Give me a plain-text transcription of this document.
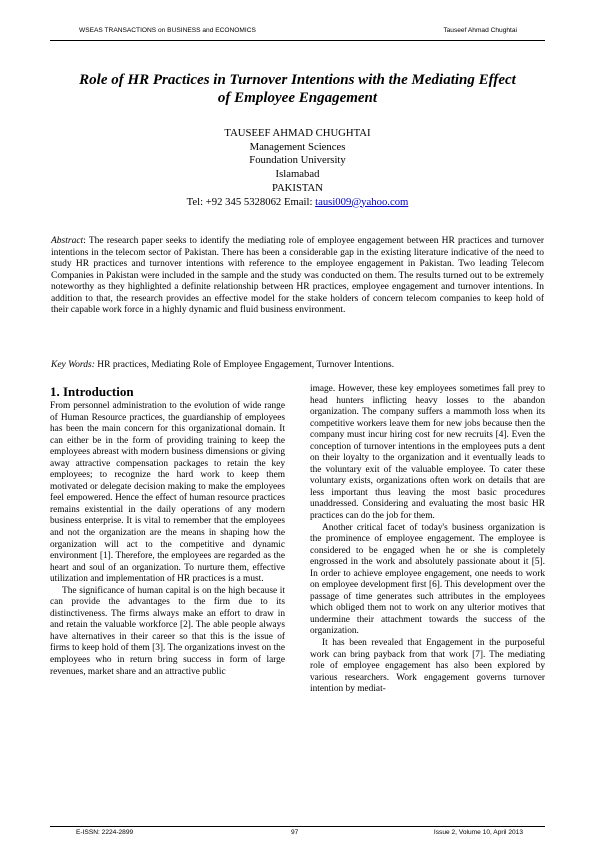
WSEAS TRANSACTIONS on BUSINESS and ECONOMICS	Tauseef Ahmad Chughtai
Role of HR Practices in Turnover Intentions with the Mediating Effect
of Employee Engagement
TAUSEEF AHMAD CHUGHTAI
Management Sciences
Foundation University
Islamabad
PAKISTAN
Tel: +92 345 5328062 Email: tausi009@yahoo.com
Abstract: The research paper seeks to identify the mediating role of employee engagement between HR practices and turnover intentions in the telecom sector of Pakistan. There has been a considerable gap in the existing literature indicative of the need to study HR practices and turnover intentions with reference to the employee engagement in Pakistan. Two leading Telecom Companies in Pakistan were included in the sample and the study was conducted on them. The results turned out to be extremely noteworthy as they highlighted a definite relationship between HR practices, employee engagement and turnover intentions. In addition to that, the research provides an effective model for the stake holders of concern telecom companies to keep hold of their capable work force in a highly dynamic and fluid business environment.
Key Words: HR practices, Mediating Role of Employee Engagement, Turnover Intentions.
1. Introduction

From personnel administration to the evolution of wide range of Human Resource practices, the guardianship of employees has been the main concern for this organizational domain. It can either be in the form of providing training to keep the employees abreast with modern business dimensions or giving away attractive compensation packages to retain the key employees; to recognize the hard work to keep them motivated or delegate decision making to make the employees feel empowered. Hence the effect of human resource practices remains existential in the daily operations of any modern business enterprise. It is vital to remember that the employees and not the organization are the means in shaping how the organization will act to the competitive and dynamic environment [1]. Therefore, the employees are regarded as the heart and soul of an organization. To nurture them, effective utilization and implementation of HR practices is a must.

The significance of human capital is on the high because it can provide the advantages to the firm due to its distinctiveness. The firms always make an effort to draw in and retain the valuable workforce [2]. The able people always have alternatives in their career so that this is the issue of firms to keep hold of them [3]. The organizations invest on the employees who in return bring success in form of large revenues, market share and an attractive public

image. However, these key employees sometimes fall prey to head hunters inflicting heavy losses to the abandon organization. The company suffers a mammoth loss when its competitive workers leave them for new jobs because then the company must incur hiring cost for new recruits [4]. Even the conception of turnover intentions in the employees puts a dent on their loyalty to the organization and it eventually leads to the voluntary exit of the valuable employee. To cater these voluntary exists, organizations often work on details that are less important thus leaving the most basic procedures unaddressed. Considering and evaluating the most basic HR practices can do the job for them.

Another critical facet of today's business organization is the prominence of employee engagement. The employee is considered to be engaged when he or she is completely engrossed in the work and absolutely passionate about it [5]. In order to achieve employee engagement, one needs to work on employee development first [6]. This development over the passage of time generates such attributes in the employees which obliged them not to work on any ulterior motives that undermine their attachment towards the success of the organization.

It has been revealed that Engagement in the purposeful work can bring payback from that work [7]. The mediating role of employee engagement has also been explored by various researchers. Work engagement governs turnover intention by mediat-

E-ISSN: 2224-2899	97	Issue 2, Volume 10, April 2013
